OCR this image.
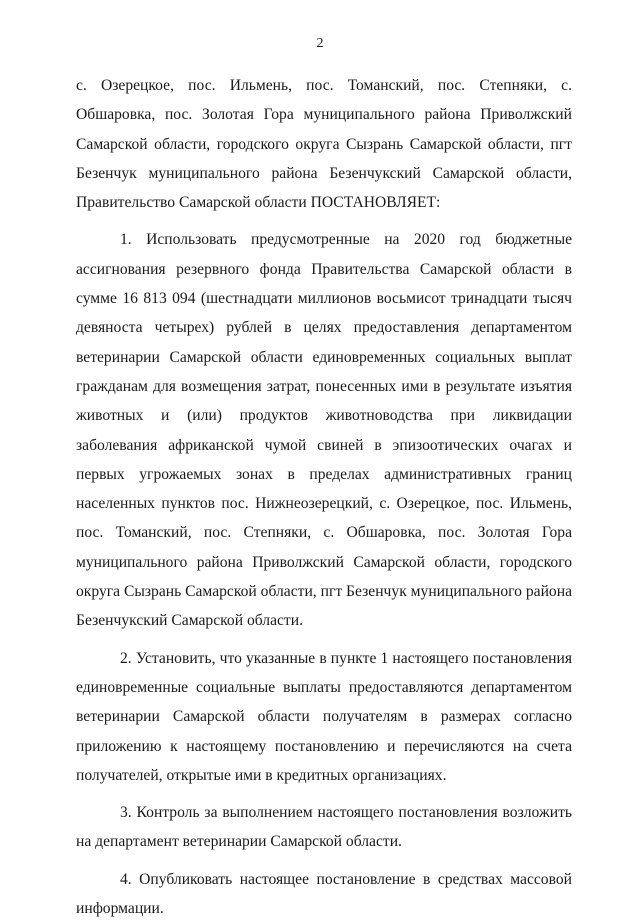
2

с. Озерецкое, пос. Ильмень, пос. Томанский, пос. Степняки, с. Обшаровка, пос. Золотая Гора муниципального района Приволжский Самарской области, городского округа Сызрань Самарской области, пгт Безенчук муниципального района Безенчукский Самарской области, Правительство Самарской области ПОСТАНОВЛЯЕТ:

1. Использовать предусмотренные на 2020 год бюджетные ассигнования резервного фонда Правительства Самарской области в сумме 16 813 094 (шестнадцати миллионов восьмисот тринадцати тысяч девяноста четырех) рублей в целях предоставления департаментом ветеринарии Самарской области единовременных социальных выплат гражданам для возмещения затрат, понесенных ими в результате изъятия животных и (или) продуктов животноводства при ликвидации заболевания африканской чумой свиней в эпизоотических очагах и первых угрожаемых зонах в пределах административных границ населенных пунктов пос. Нижнеозерецкий, с. Озерецкое, пос. Ильмень, пос. Томанский, пос. Степняки, с. Обшаровка, пос. Золотая Гора муниципального района Приволжский Самарской области, городского округа Сызрань Самарской области, пгт Безенчук муниципального района Безенчукский Самарской области.

2. Установить, что указанные в пункте 1 настоящего постановления единовременные социальные выплаты предоставляются департаментом ветеринарии Самарской области получателям в размерах согласно приложению к настоящему постановлению и перечисляются на счета получателей, открытые ими в кредитных организациях.

3. Контроль за выполнением настоящего постановления возложить на департамент ветеринарии Самарской области.

4. Опубликовать настоящее постановление в средствах массовой информации.
